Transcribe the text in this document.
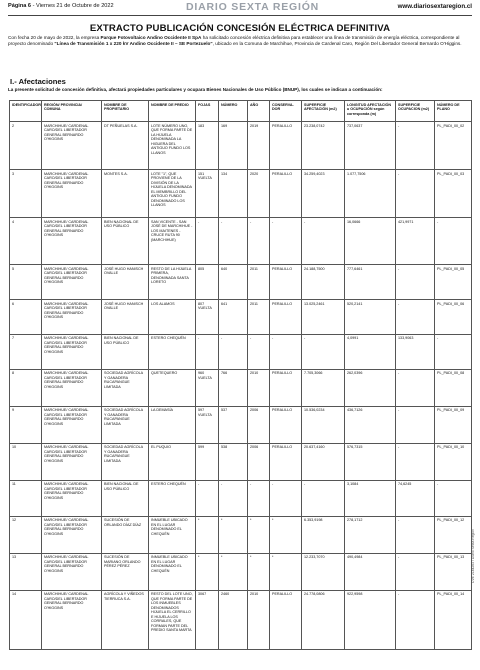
Página 6 - Viernes 21 de Octubre de 2022	DIARIO SEXTA REGIÓN	www.diariosextaregion.cl
EXTRACTO PUBLICACIÓN CONCESIÓN ELÉCTRICA DEFINITIVA
Con fecha 20 de mayo de 2022, la empresa Parque Fotovoltaico Andino Occidente II SpA ha solicitado concesión eléctrica definitiva para establecer una línea de transmisión de energía eléctrica, correspondiente al proyecto denominado "Línea de Transmisión 1 x 220 kV Andino Occidente II – SE Portezuelo", ubicado en la Comuna de Marchihue, Provincia de Cardenal Caro, Región Del Libertador General Bernardo O'Higgins.
I.- Afectaciones
La presente solicitud de concesión definitiva, afectará propiedades particulares y ocupara Bienes Nacionales de Uso Público (BNUP), los cuales se indican a continuación:
IDENTIFICADOR	REGIÓN/ PROVINCIA/ COMUNA	NOMBRE DE PROPIETARIO	NOMBRE DE PREDIO	FOJAS	NÚMERO	AÑO	CONSERVA-DOR	SUPERFICIE AFECTACIÓN (m2)	LONGITUD AFECTACIÓN u OCUPACIÓN según corresponda (m)	SUPERFICIE OCUPACION (m2)	NÚMERO DE PLANO
2	MARCHIHUE/ CARDENAL CARO/DEL LIBERTADOR GENERAL BERNARDO O'HIGGINS	DT PEÑUELAS S.A.	LOTE NÚMERO UNO, QUE FORMA PARTE DE LA HIJUELA DENOMINADA LA HIGUERA DEL ANTIGUO FUNDO LOS LLANOS	183	169	2019	PERALILLO	23.238,0742	737,0637	-	PL_PADI_00_02
3	MARCHIHUE/ CARDENAL CARO/DEL LIBERTADOR GENERAL BERNARDO O'HIGGINS	MONTES S.A.	LOTE "1", QUE PROVIENE DE LA DIVISIÓN DE LA HIJUELA DENOMINADA EL MEMBRILLO DEL ANTIGUO FUNDO DENOMINADO LOS LLANOS	151 VUELTA	134	2020	PERALILLO	34.259,4023	1.077,7506	-	PL_PADI_00_03
4	MARCHIHUE/ CARDENAL CARO/DEL LIBERTADOR GENERAL BERNARDO O'HIGGINS	BIEN NACIONAL DE USO PÚBLICO	SAN VICENTE - SAN JOSÉ DE MARCHIHUE - LOS MAITENES - CRUCE RUTA 90 (MARCHIHUE)	-	-	-	-	-	16,0666	421,9971	-
5	MARCHIHUE/ CARDENAL CARO/DEL LIBERTADOR GENERAL BERNARDO O'HIGGINS	JOSÉ HUGO HANISCH OVALLE	RESTO DE LA HIJUELA PRIMERA, DENOMINADA SANTA LORETO	805	640	2011	PERALILLO	24.188,7500	777,6461	-	PL_PADI_00_05
6	MARCHIHUE/ CARDENAL CARO/DEL LIBERTADOR GENERAL BERNARDO O'HIGGINS	JOSÉ HUGO HANISCH OVALLE	LOS ALAMOS	807 VUELTA	641	2011	PERALILLO	13.025,2461	520,2141	-	PL_PADI_00_06
7	MARCHIHUE/ CARDENAL CARO/DEL LIBERTADOR GENERAL BERNARDO O'HIGGINS	BIEN NACIONAL DE USO PÚBLICO	ESTERO CHEQUÉN	-	-	-	-	-	4,0991	133,9063	-
8	MARCHIHUE/ CARDENAL CARO/DEL LIBERTADOR GENERAL BERNARDO O'HIGGINS	SOCIEDAD AGRÍCOLA Y GANADERA RUCAPANGUE LIMITADA	QUETEQUERO	960 VUELTA	766	2010	PERALILLO	7.705,3066	262,0396	-	PL_PADI_00_08
9	MARCHIHUE/ CARDENAL CARO/DEL LIBERTADOR GENERAL BERNARDO O'HIGGINS	SOCIEDAD AGRÍCOLA Y GANADERA RUCAPANGUE LIMITADA	LA DEMASÍA	597 VUELTA	537	2006	PERALILLO	10.536,0234	436,7126	-	PL_PADI_00_09
10	MARCHIHUE/ CARDENAL CARO/DEL LIBERTADOR GENERAL BERNARDO O'HIGGINS	SOCIEDAD AGRÍCOLA Y GANADERA RUCAPANGUE LIMITADA	EL PUQUIO	599	538	2006	PERALILLO	20.637,4160	576,7315	-	PL_PADI_00_10
11	MARCHIHUE/ CARDENAL CARO/DEL LIBERTADOR GENERAL BERNARDO O'HIGGINS	BIEN NACIONAL DE USO PÚBLICO	ESTERO CHEQUÉN	-	-	-	-	-	3,1084	74,6245	-
12	MARCHIHUE/ CARDENAL CARO/DEL LIBERTADOR GENERAL BERNARDO O'HIGGINS	SUCESIÓN DE ORLANDO DÍAZ DÍAZ	INMUEBLE UBICADO EN EL LUGAR DENOMINADO EL CHEQUÉN	*	*	*	*	6.353,9198	278,1712	-	PL_PADI_00_12
13	MARCHIHUE/ CARDENAL CARO/DEL LIBERTADOR GENERAL BERNARDO O'HIGGINS	SUCESIÓN DE MARIANO ORLANDO PÉREZ PÉREZ	INMUEBLE UBICADO EN EL LUGAR DENOMINADO EL CHEQUÉN	*	*	*	*	12.233,7070	490,4984	-	PL_PADI_00_13
14	MARCHIHUE/ CARDENAL CARO/DEL LIBERTADOR GENERAL BERNARDO O'HIGGINS	AGRÍCOLA Y VIÑEDOS TIERRUCA S.A.	RESTO DEL LOTE UNO, QUE FORMA PARTE DE LOS INMUEBLES DENOMINADOS HIJUELA EL CERRILLO E HIJUELA LOS CORRALES, QUE FORMAN PARTE DEL PREDIO SANTA MARTA	3067	2460	2010	PERALILLO	24.778,0806	922,9598	-	PL_PADI_00_14
CVE 2144263 / Diario Sexta Región
